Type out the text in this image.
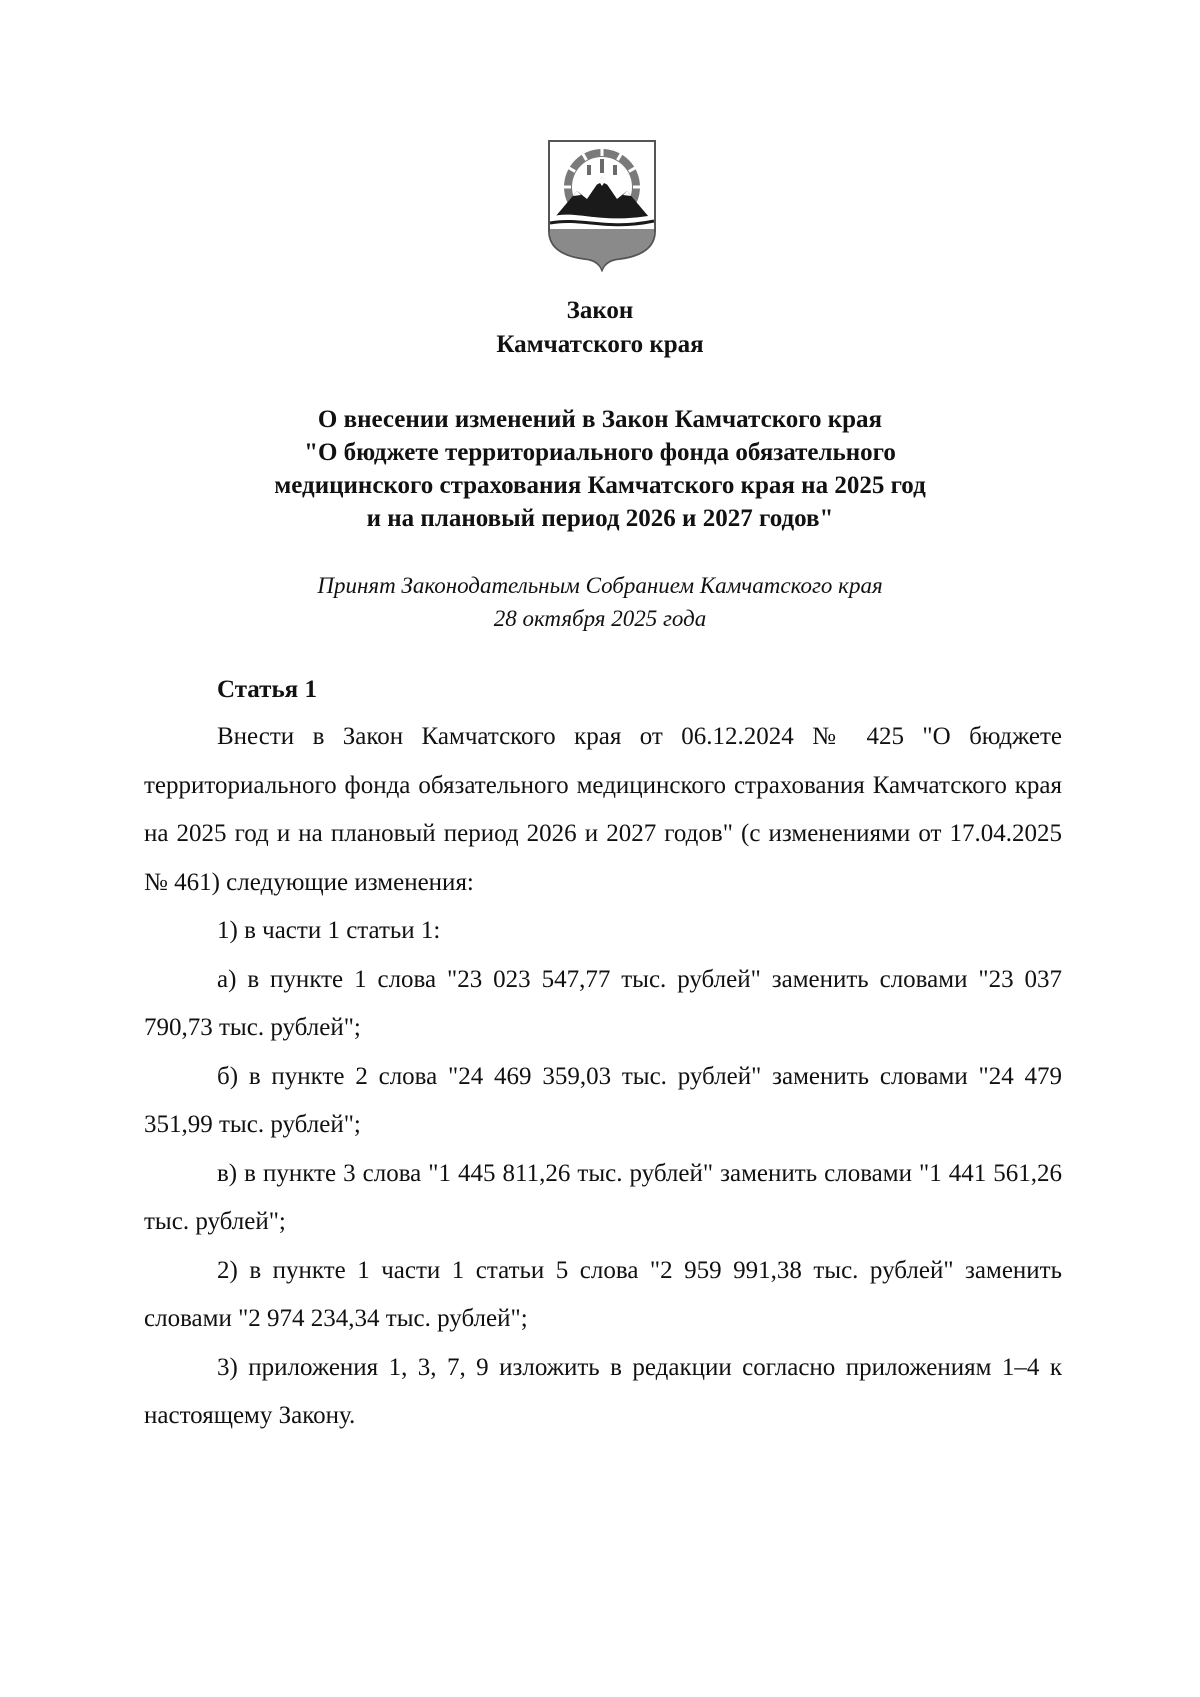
Закон
Камчатского края
О внесении изменений в Закон Камчатского края
"О бюджете территориального фонда обязательного
медицинского страхования Камчатского края на 2025 год
и на плановый период 2026 и 2027 годов"
Принят Законодательным Собранием Камчатского края
28 октября 2025 года
Статья 1

Внести в Закон Камчатского края от 06.12.2024 № 425 "О бюджете территориального фонда обязательного медицинского страхования Камчатского края на 2025 год и на плановый период 2026 и 2027 годов" (с изменениями от 17.04.2025 № 461) следующие изменения:

1) в части 1 статьи 1:

а) в пункте 1 слова "23 023 547,77 тыс. рублей" заменить словами "23 037 790,73 тыс. рублей";

б) в пункте 2 слова "24 469 359,03 тыс. рублей" заменить словами "24 479 351,99 тыс. рублей";

в) в пункте 3 слова "1 445 811,26 тыс. рублей" заменить словами "1 441 561,26 тыс. рублей";

2) в пункте 1 части 1 статьи 5 слова "2 959 991,38 тыс. рублей" заменить словами "2 974 234,34 тыс. рублей";

3) приложения 1, 3, 7, 9 изложить в редакции согласно приложениям 1–4 к настоящему Закону.
